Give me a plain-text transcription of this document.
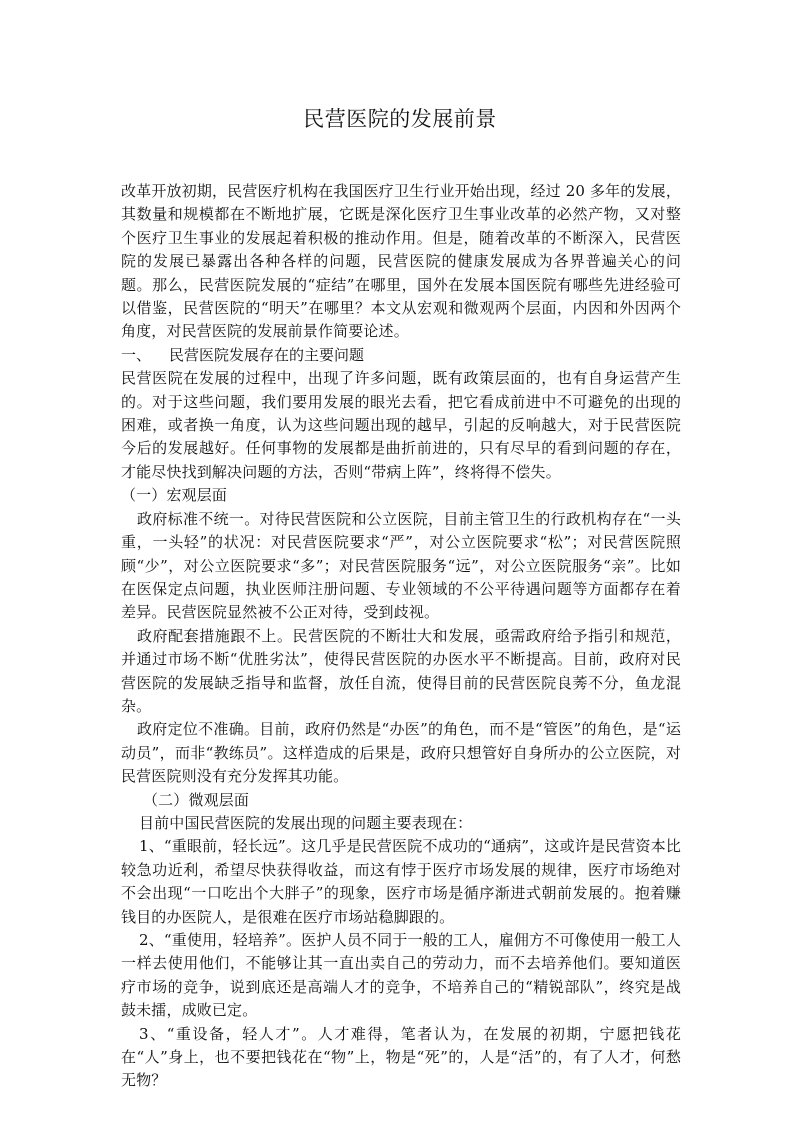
民营医院的发展前景

改革开放初期，民营医疗机构在我国医疗卫生行业开始出现，经过 20 多年的发展，其数量和规模都在不断地扩展，它既是深化医疗卫生事业改革的必然产物，又对整个医疗卫生事业的发展起着积极的推动作用。但是，随着改革的不断深入，民营医院的发展已暴露出各种各样的问题，民营医院的健康发展成为各界普遍关心的问题。那么，民营医院发展的“症结”在哪里，国外在发展本国医院有哪些先进经验可以借鉴，民营医院的“明天”在哪里？本文从宏观和微观两个层面，内因和外因两个角度，对民营医院的发展前景作简要论述。

一、 民营医院发展存在的主要问题

民营医院在发展的过程中，出现了许多问题，既有政策层面的，也有自身运营产生的。对于这些问题，我们要用发展的眼光去看，把它看成前进中不可避免的出现的困难，或者换一角度，认为这些问题出现的越早，引起的反响越大，对于民营医院今后的发展越好。任何事物的发展都是曲折前进的，只有尽早的看到问题的存在，才能尽快找到解决问题的方法，否则“带病上阵”，终将得不偿失。

（一）宏观层面

政府标准不统一。对待民营医院和公立医院，目前主管卫生的行政机构存在“一头重，一头轻”的状况：对民营医院要求“严”，对公立医院要求“松”；对民营医院照顾“少”，对公立医院要求“多”；对民营医院服务“远”，对公立医院服务“亲”。比如在医保定点问题，执业医师注册问题、专业领域的不公平待遇问题等方面都存在着差异。民营医院显然被不公正对待，受到歧视。

政府配套措施跟不上。民营医院的不断壮大和发展，亟需政府给予指引和规范，并通过市场不断“优胜劣汰”，使得民营医院的办医水平不断提高。目前，政府对民营医院的发展缺乏指导和监督，放任自流，使得目前的民营医院良莠不分，鱼龙混杂。

政府定位不准确。目前，政府仍然是“办医”的角色，而不是“管医”的角色，是“运动员”，而非“教练员”。这样造成的后果是，政府只想管好自身所办的公立医院，对民营医院则没有充分发挥其功能。

（二）微观层面

目前中国民营医院的发展出现的问题主要表现在：

1、“重眼前，轻长远”。这几乎是民营医院不成功的“通病”，这或许是民营资本比较急功近利，希望尽快获得收益，而这有悖于医疗市场发展的规律，医疗市场绝对不会出现“一口吃出个大胖子”的现象，医疗市场是循序渐进式朝前发展的。抱着赚钱目的办医院人，是很难在医疗市场站稳脚跟的。

2、“重使用，轻培养”。医护人员不同于一般的工人，雇佣方不可像使用一般工人一样去使用他们，不能够让其一直出卖自己的劳动力，而不去培养他们。要知道医疗市场的竞争，说到底还是高端人才的竞争，不培养自己的“精锐部队”，终究是战鼓未擂，成败已定。

3、“重设备，轻人才”。人才难得，笔者认为，在发展的初期，宁愿把钱花在“人”身上，也不要把钱花在“物”上，物是“死”的，人是“活”的，有了人才，何愁无物？
